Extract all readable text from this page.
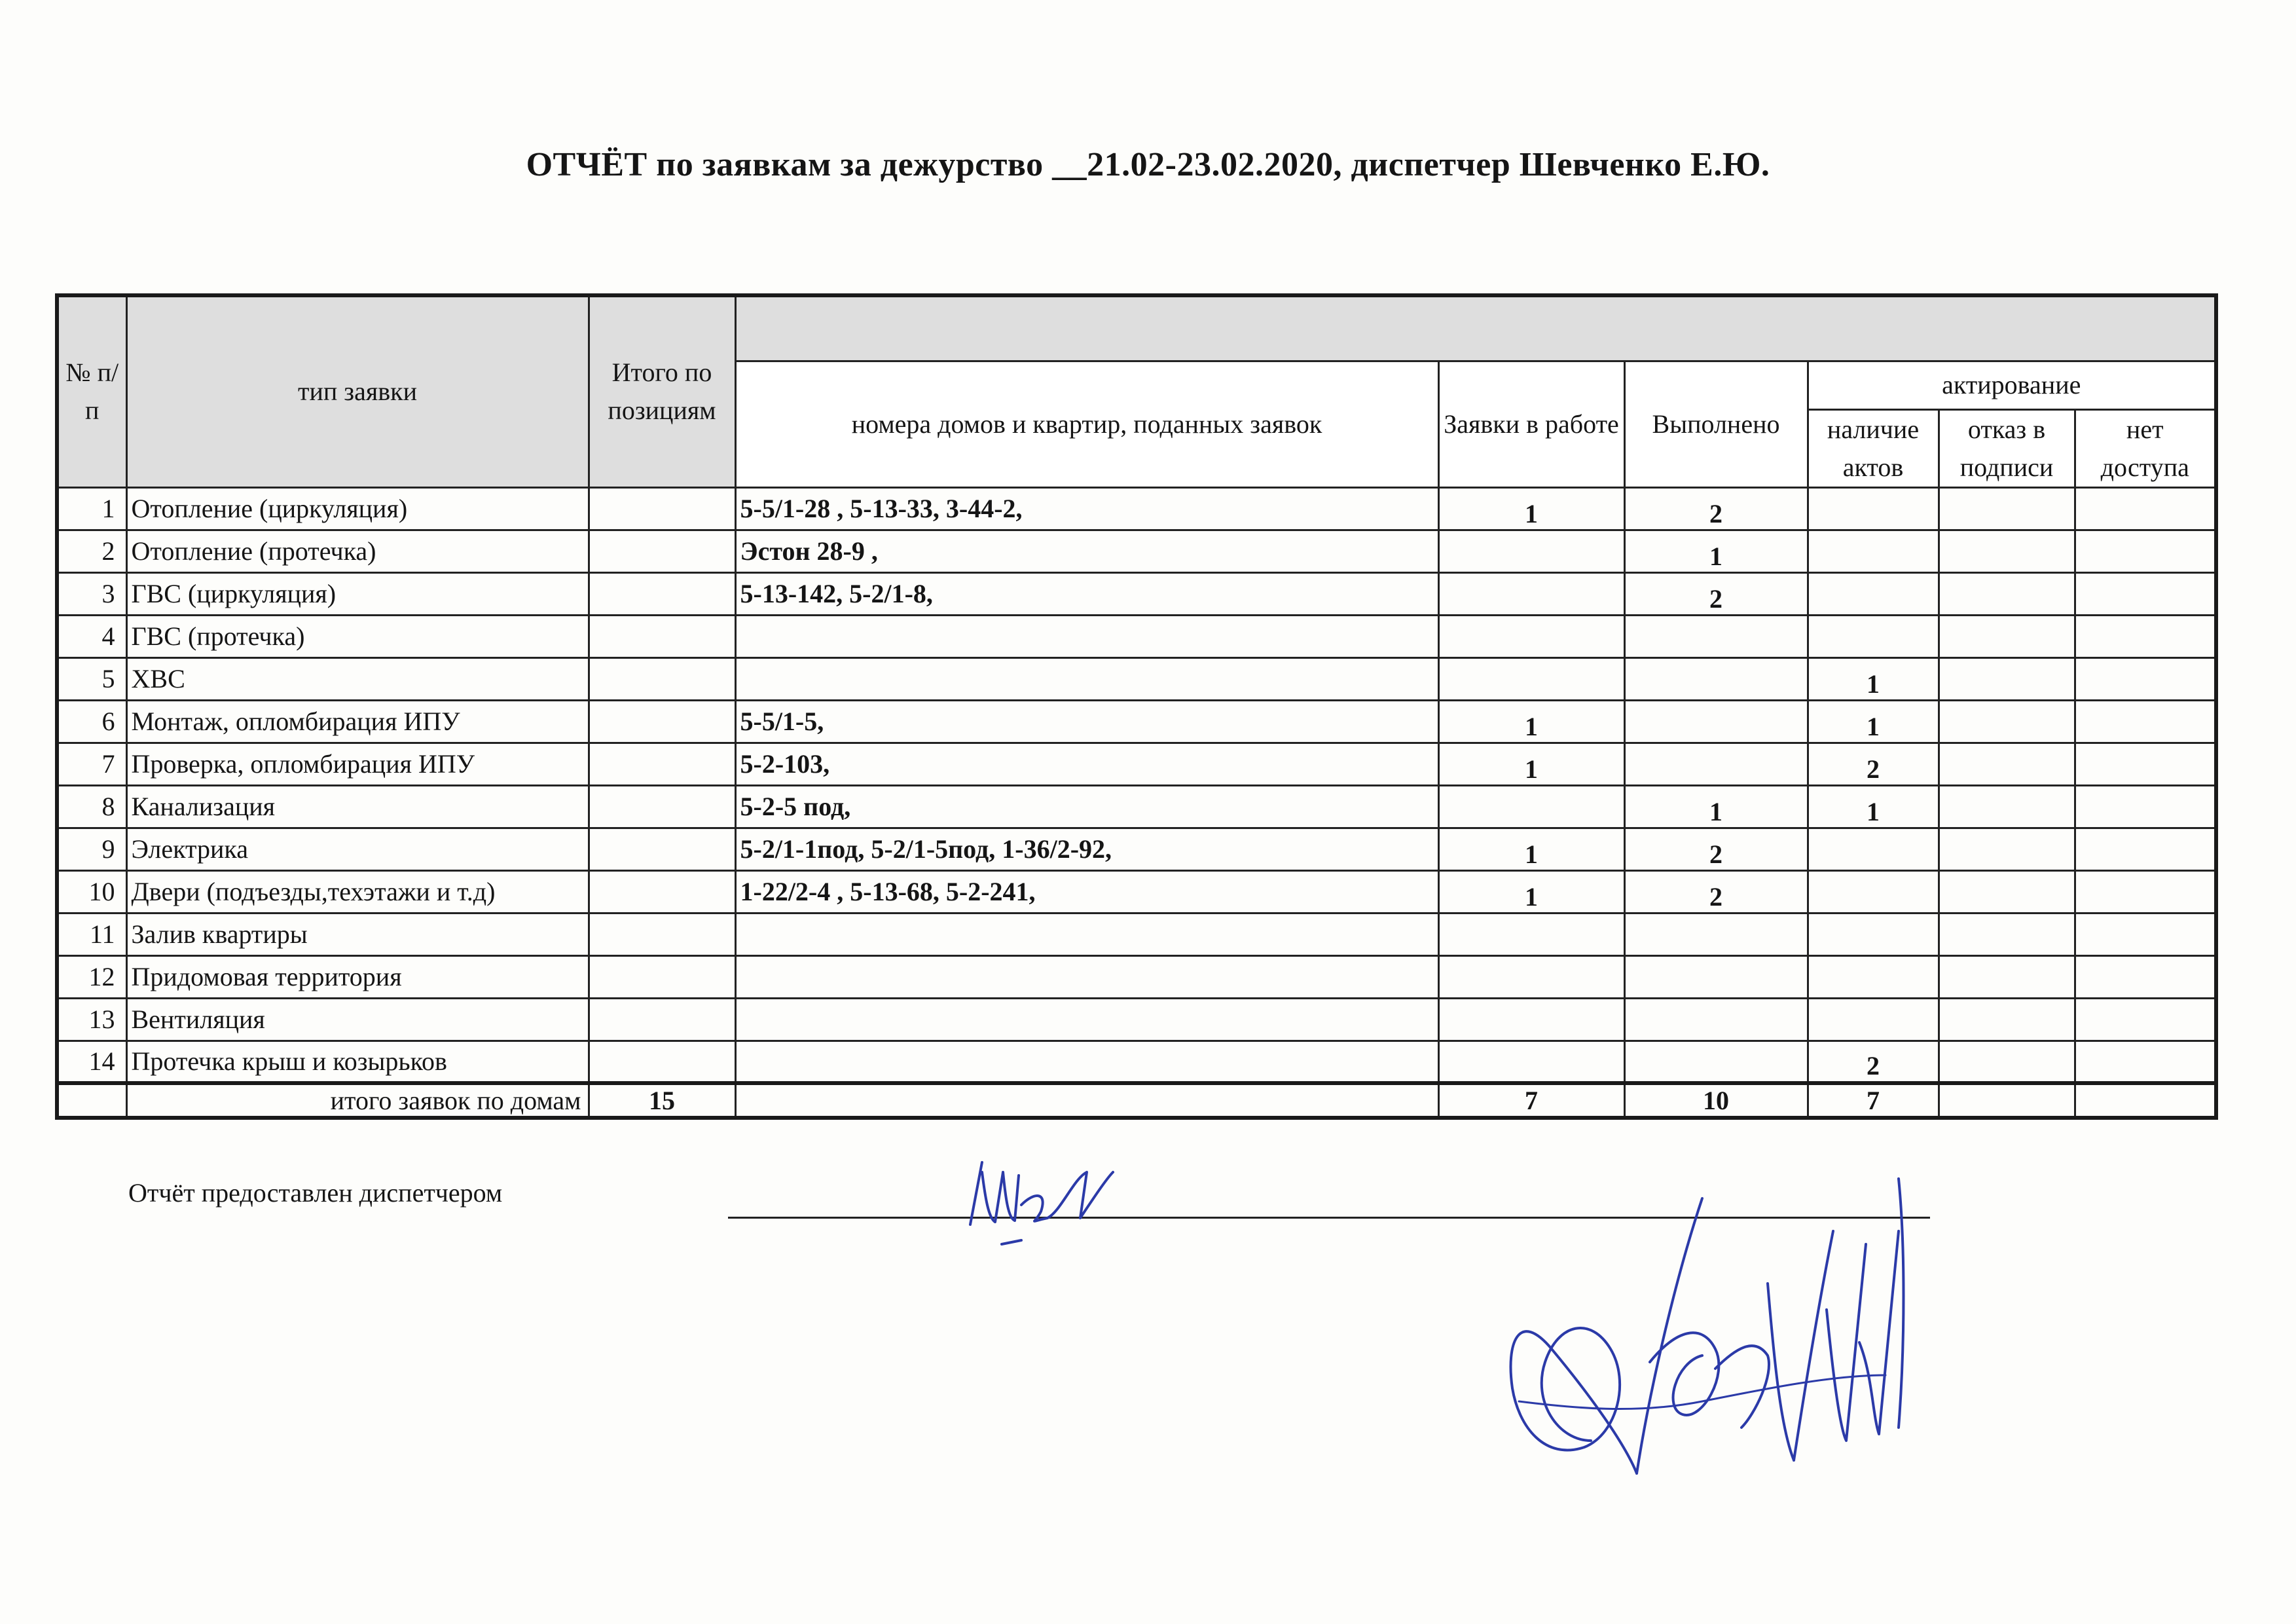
ОТЧЁТ по заявкам за дежурство __21.02-23.02.2020, диспетчер Шевченко Е.Ю.
№ п/п	тип заявки	Итого по позициям						
			номера домов и квартир, поданных заявок	Заявки в работе	Выполнено	актирование		
						наличие актов	отказ в подписи	нет доступа
1	Отопление (циркуляция)		5-5/1-28 , 5-13-33, 3-44-2,	1	2			
2	Отопление (протечка)		Эстон 28-9 ,		1			
3	ГВС (циркуляция)		5-13-142, 5-2/1-8,		2			
4	ГВС (протечка)							
5	ХВС					1		
6	Монтаж, опломбирация ИПУ		5-5/1-5,	1		1		
7	Проверка, опломбирация ИПУ		5-2-103,	1		2		
8	Канализация		5-2-5 под,		1	1		
9	Электрика		5-2/1-1под, 5-2/1-5под, 1-36/2-92,	1	2			
10	Двери (подъезды,техэтажи и т.д)		1-22/2-4 , 5-13-68, 5-2-241,	1	2			
11	Залив квартиры							
12	Придомовая территория							
13	Вентиляция							
14	Протечка крыш и козырьков					2		
	итого заявок по домам	15		7	10	7		
Отчёт предоставлен диспетчером
